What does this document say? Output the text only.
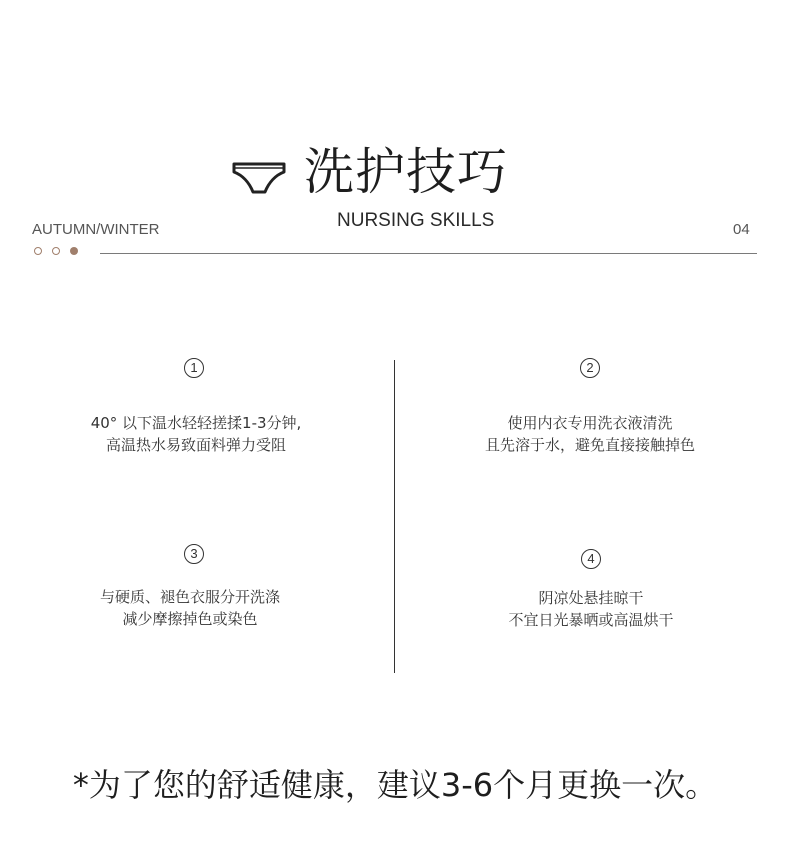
洗护技巧
NURSING SKILLS
AUTUMN/WINTER	04
1
40° 以下温水轻轻搓揉1-3分钟,
高温热水易致面料弹力受阻
2
使用内衣专用洗衣液清洗
且先溶于水，避免直接接触掉色
3
与硬质、褪色衣服分开洗涤
减少摩擦掉色或染色
4
阴凉处悬挂晾干
不宜日光暴晒或高温烘干
*为了您的舒适健康，建议3-6个月更换一次。
